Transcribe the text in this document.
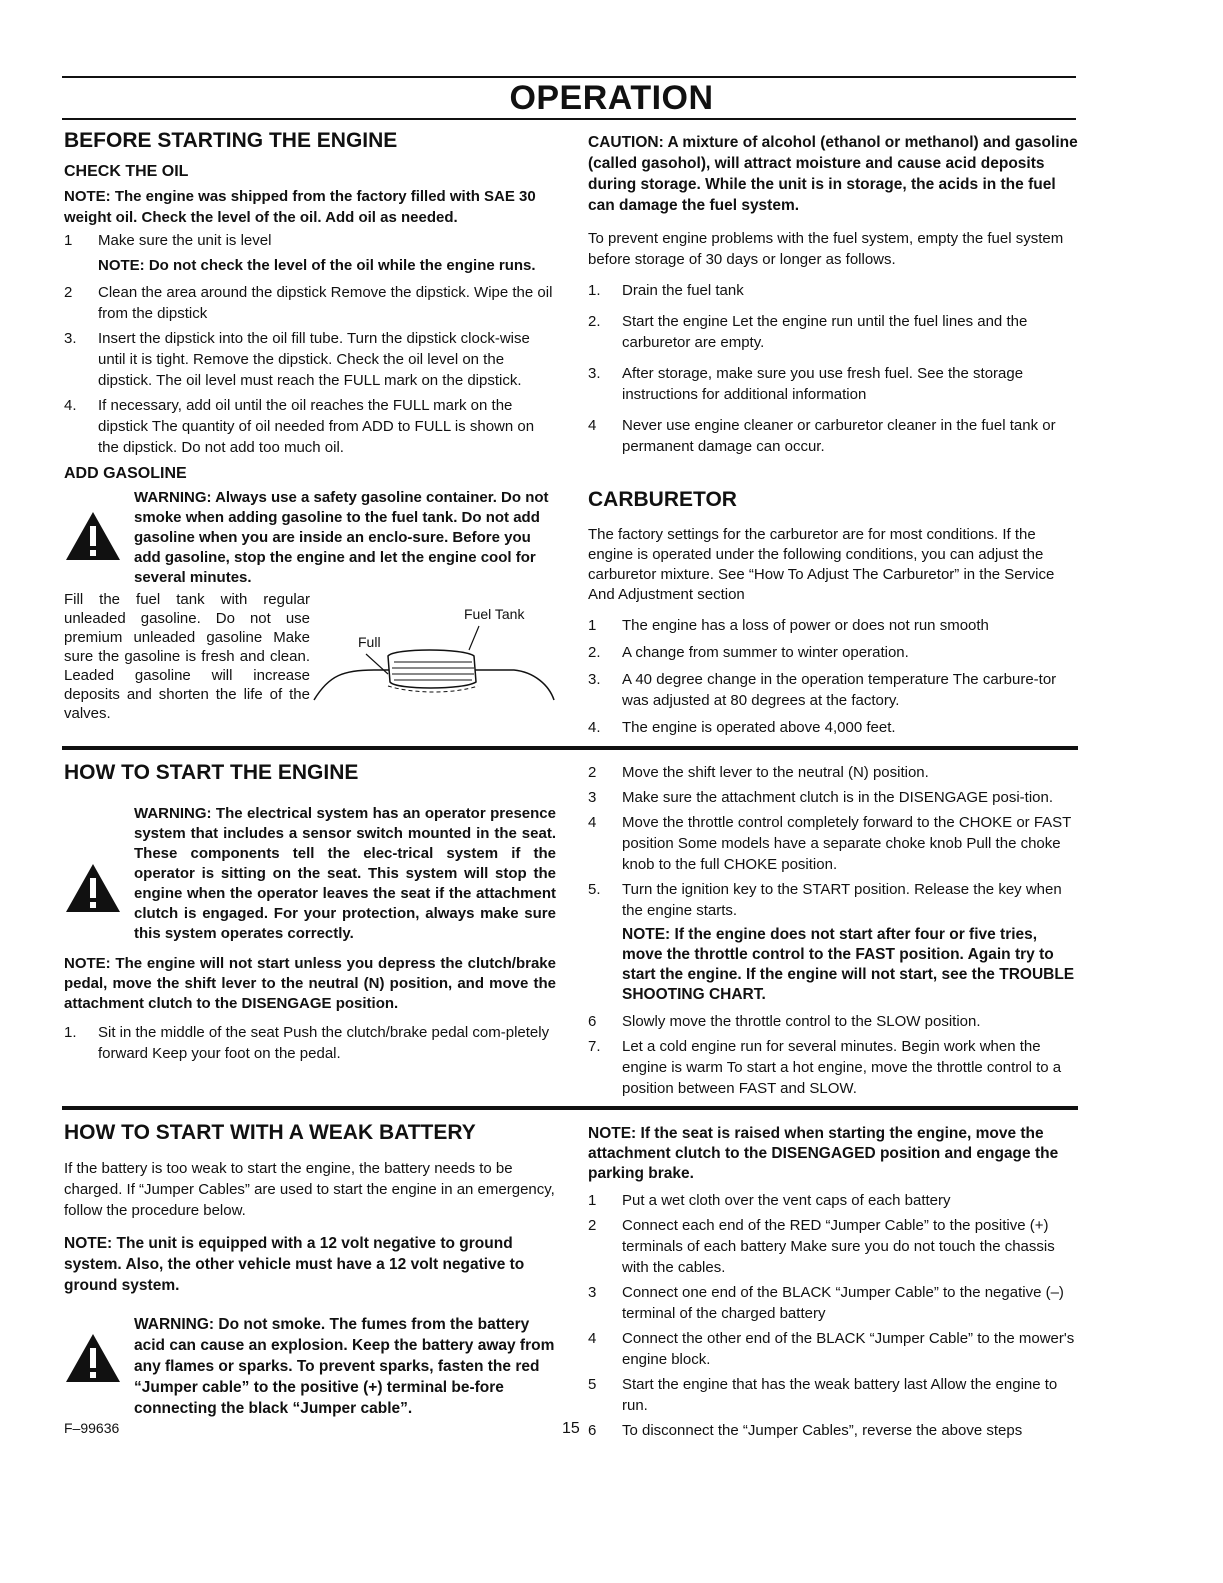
OPERATION
BEFORE STARTING THE ENGINE
CHECK THE OIL

NOTE: The engine was shipped from the factory filled with SAE 30 weight oil. Check the level of the oil. Add oil as needed.

1 Make sure the unit is level
NOTE: Do not check the level of the oil while the engine runs.
2 Clean the area around the dipstick Remove the dipstick. Wipe the oil from the dipstick
3. Insert the dipstick into the oil fill tube. Turn the dipstick clock-wise until it is tight. Remove the dipstick. Check the oil level on the dipstick. The oil level must reach the FULL mark on the dipstick.
4. If necessary, add oil until the oil reaches the FULL mark on the dipstick The quantity of oil needed from ADD to FULL is shown on the dipstick. Do not add too much oil.
ADD GASOLINE

WARNING: Always use a safety gasoline container. Do not smoke when adding gasoline to the fuel tank. Do not add gasoline when you are inside an enclo-sure. Before you add gasoline, stop the engine and let the engine cool for several minutes.

Fill the fuel tank with regular unleaded gasoline. Do not use premium unleaded gasoline Make sure the gasoline is fresh and clean. Leaded gasoline will increase deposits and shorten the life of the valves.

Fuel Tank
Full

CAUTION: A mixture of alcohol (ethanol or methanol) and gasoline (called gasohol), will attract moisture and cause acid deposits during storage. While the unit is in storage, the acids in the fuel can damage the fuel system.

To prevent engine problems with the fuel system, empty the fuel system before storage of 30 days or longer as follows.

1. Drain the fuel tank
2. Start the engine Let the engine run until the fuel lines and the carburetor are empty.
3. After storage, make sure you use fresh fuel. See the storage instructions for additional information
4 Never use engine cleaner or carburetor cleaner in the fuel tank or permanent damage can occur.
CARBURETOR

The factory settings for the carburetor are for most conditions. If the engine is operated under the following conditions, you can adjust the carburetor mixture. See “How To Adjust The Carburetor” in the Service And Adjustment section

1 The engine has a loss of power or does not run smooth
2. A change from summer to winter operation.
3. A 40 degree change in the operation temperature The carbure-tor was adjusted at 80 degrees at the factory.
4. The engine is operated above 4,000 feet.
HOW TO START THE ENGINE

WARNING: The electrical system has an operator presence system that includes a sensor switch mounted in the seat. These components tell the elec-trical system if the operator is sitting on the seat. This system will stop the engine when the operator leaves the seat if the attachment clutch is engaged. For your protection, always make sure this system operates correctly.

NOTE: The engine will not start unless you depress the clutch/brake pedal, move the shift lever to the neutral (N) position, and move the attachment clutch to the DISENGAGE position.

1. Sit in the middle of the seat Push the clutch/brake pedal com-pletely forward Keep your foot on the pedal.
2 Move the shift lever to the neutral (N) position.
3 Make sure the attachment clutch is in the DISENGAGE posi-tion.
4 Move the throttle control completely forward to the CHOKE or FAST position Some models have a separate choke knob Pull the choke knob to the full CHOKE position.
5. Turn the ignition key to the START position. Release the key when the engine starts.
NOTE: If the engine does not start after four or five tries, move the throttle control to the FAST position. Again try to start the engine. If the engine will not start, see the TROUBLE SHOOTING CHART.
6 Slowly move the throttle control to the SLOW position.
7. Let a cold engine run for several minutes. Begin work when the engine is warm To start a hot engine, move the throttle control to a position between FAST and SLOW.
HOW TO START WITH A WEAK BATTERY

If the battery is too weak to start the engine, the battery needs to be charged. If “Jumper Cables” are used to start the engine in an emergency, follow the procedure below.

NOTE: The unit is equipped with a 12 volt negative to ground system. Also, the other vehicle must have a 12 volt negative to ground system.

WARNING: Do not smoke. The fumes from the battery acid can cause an explosion. Keep the battery away from any flames or sparks. To prevent sparks, fasten the red “Jumper cable” to the positive (+) terminal be-fore connecting the black “Jumper cable”.

NOTE: If the seat is raised when starting the engine, move the attachment clutch to the DISENGAGED position and engage the parking brake.

1 Put a wet cloth over the vent caps of each battery
2 Connect each end of the RED “Jumper Cable” to the positive (+) terminals of each battery Make sure you do not touch the chassis with the cables.
3 Connect one end of the BLACK “Jumper Cable” to the negative (–) terminal of the charged battery
4 Connect the other end of the BLACK “Jumper Cable” to the mower's engine block.
5 Start the engine that has the weak battery last Allow the engine to run.
6 To disconnect the “Jumper Cables”, reverse the above steps
F–99636	15
